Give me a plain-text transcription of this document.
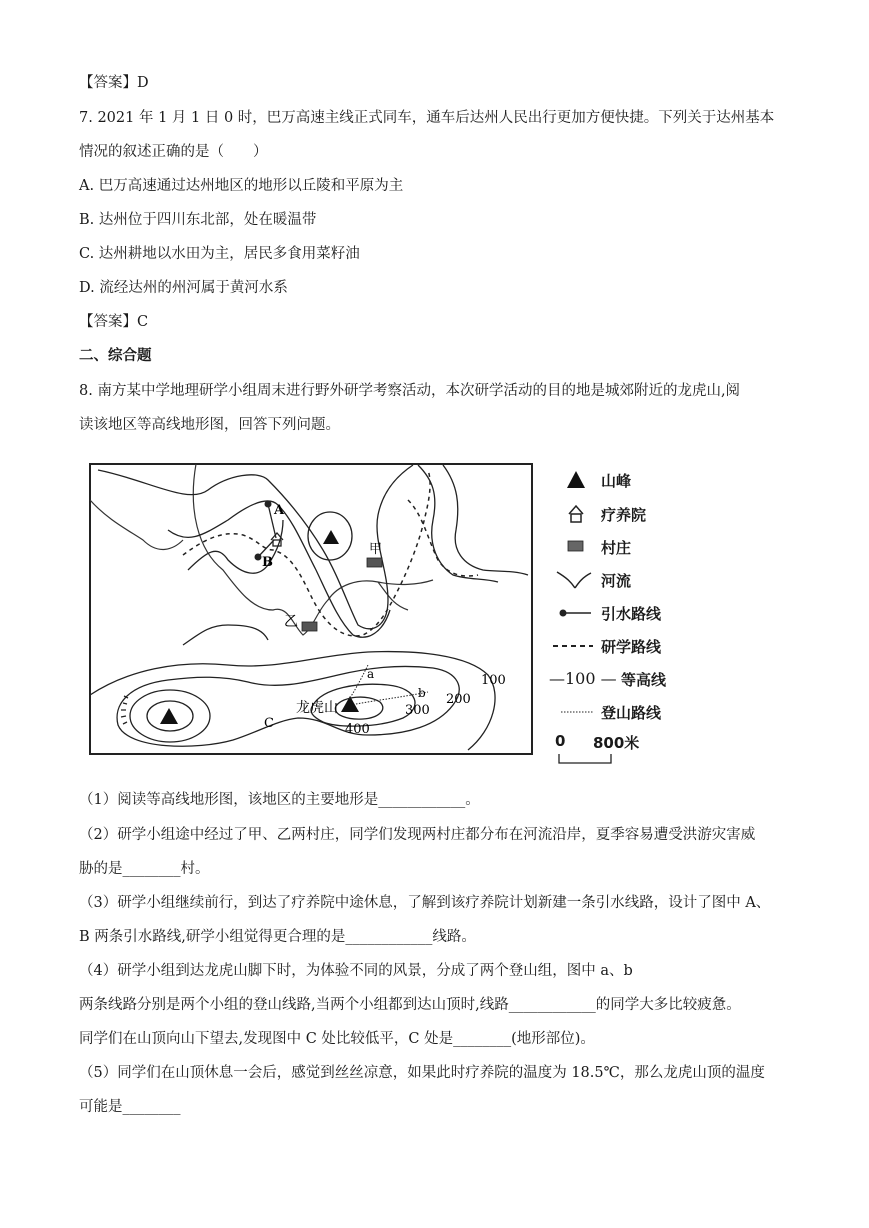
【答案】D
7. 2021 年 1 月 1 日 0 时，巴万高速主线正式同车，通车后达州人民出行更加方便快捷。下列关于达州基本
情况的叙述正确的是（　　）
A. 巴万高速通过达州地区的地形以丘陵和平原为主
B. 达州位于四川东北部，处在暖温带
C. 达州耕地以水田为主，居民多食用菜籽油
D. 流经达州的州河属于黄河水系
【答案】C
二、综合题
8. 南方某中学地理研学小组周末进行野外研学考察活动，本次研学活动的目的地是城郊附近的龙虎山,阅
读该地区等高线地形图，回答下列问题。
A
B
甲
乙
a
b
C
龙虎山
400
300
200
100
山峰
疗养院
村庄
河流
引水路线
研学路线
—100 — 等高线
登山路线
0 800米
（1）阅读等高线地形图，该地区的主要地形是____________。
（2）研学小组途中经过了甲、乙两村庄，同学们发现两村庄都分布在河流沿岸，夏季容易遭受洪游灾害威
胁的是________村。
（3）研学小组继续前行，到达了疗养院中途休息，了解到该疗养院计划新建一条引水线路，设计了图中 A、
B 两条引水路线,研学小组觉得更合理的是____________线路。
（4）研学小组到达龙虎山脚下时，为体验不同的风景，分成了两个登山组，图中 a、b
两条线路分别是两个小组的登山线路,当两个小组都到达山顶时,线路____________的同学大多比较疲惫。
同学们在山顶向山下望去,发现图中 C 处比较低平，C 处是________(地形部位)。
（5）同学们在山顶休息一会后，感觉到丝丝凉意，如果此时疗养院的温度为 18.5℃，那么龙虎山顶的温度
可能是________
